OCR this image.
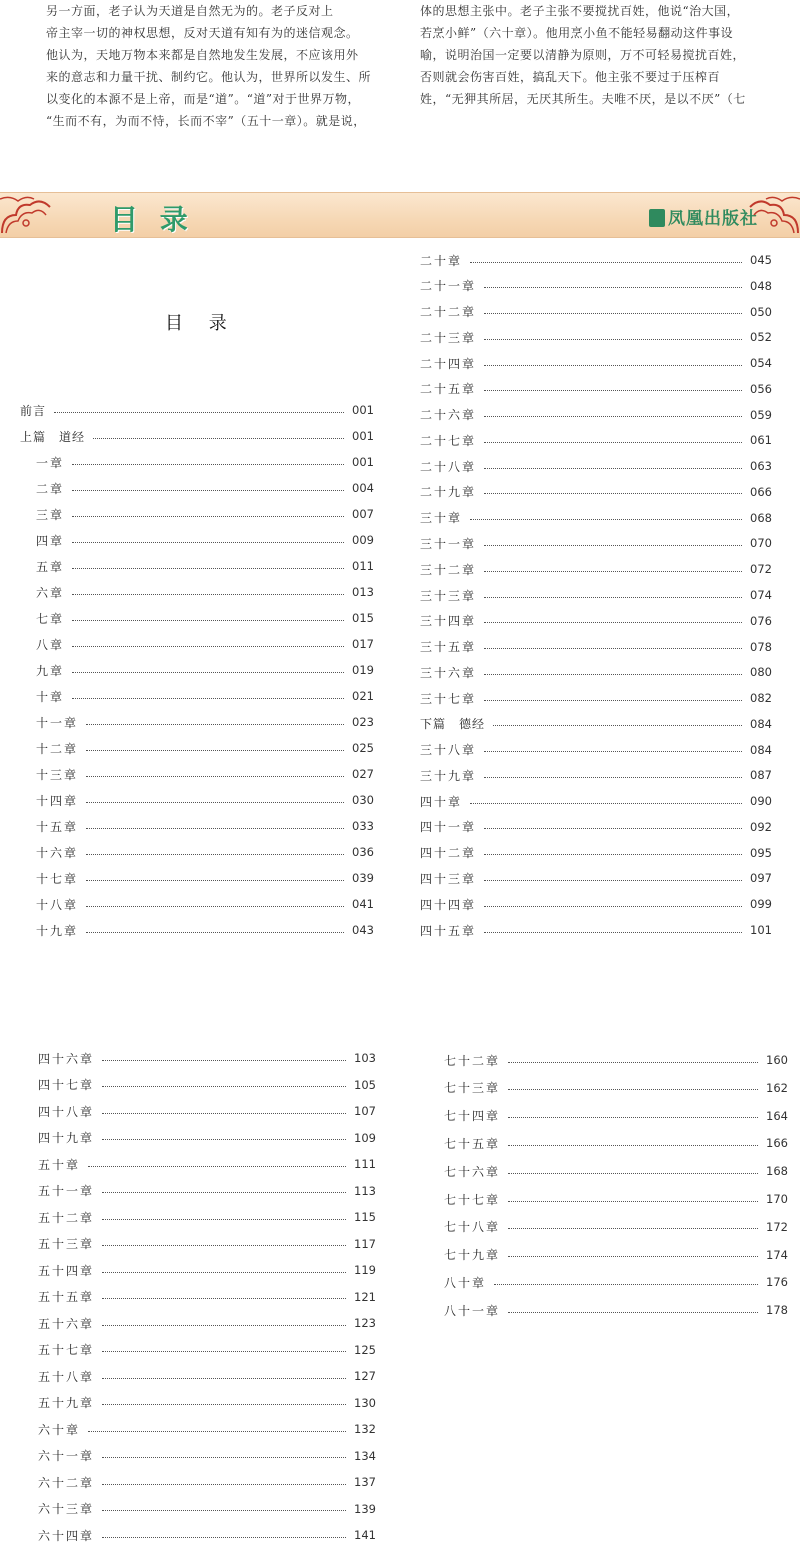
另一方面，老子认为天道是自然无为的。老子反对上
帝主宰一切的神权思想，反对天道有知有为的迷信观念。
他认为，天地万物本来都是自然地发生发展，不应该用外
来的意志和力量干扰、制约它。他认为，世界所以发生、所
以变化的本源不是上帝，而是“道”。“道”对于世界万物，
“生而不有，为而不恃，长而不宰”（五十一章）。就是说，
体的思想主张中。老子主张不要搅扰百姓，他说“治大国，
若烹小鲜”（六十章）。他用烹小鱼不能轻易翻动这件事设
喻，说明治国一定要以清静为原则，万不可轻易搅扰百姓，
否则就会伤害百姓，搞乱天下。他主张不要过于压榨百
姓，“无狎其所居，无厌其所生。夫唯不厌，是以不厌”（七
目 录	凤凰出版社
目 录
前言	001
上篇　道经	001
一章	001
二章	004
三章	007
四章	009
五章	011
六章	013
七章	015
八章	017
九章	019
十章	021
十一章	023
十二章	025
十三章	027
十四章	030
十五章	033
十六章	036
十七章	039
十八章	041
十九章	043
二十章	045
二十一章	048
二十二章	050
二十三章	052
二十四章	054
二十五章	056
二十六章	059
二十七章	061
二十八章	063
二十九章	066
三十章	068
三十一章	070
三十二章	072
三十三章	074
三十四章	076
三十五章	078
三十六章	080
三十七章	082
下篇　德经	084
三十八章	084
三十九章	087
四十章	090
四十一章	092
四十二章	095
四十三章	097
四十四章	099
四十五章	101
四十六章	103
四十七章	105
四十八章	107
四十九章	109
五十章	111
五十一章	113
五十二章	115
五十三章	117
五十四章	119
五十五章	121
五十六章	123
五十七章	125
五十八章	127
五十九章	130
六十章	132
六十一章	134
六十二章	137
六十三章	139
六十四章	141
七十二章	160
七十三章	162
七十四章	164
七十五章	166
七十六章	168
七十七章	170
七十八章	172
七十九章	174
八十章	176
八十一章	178
